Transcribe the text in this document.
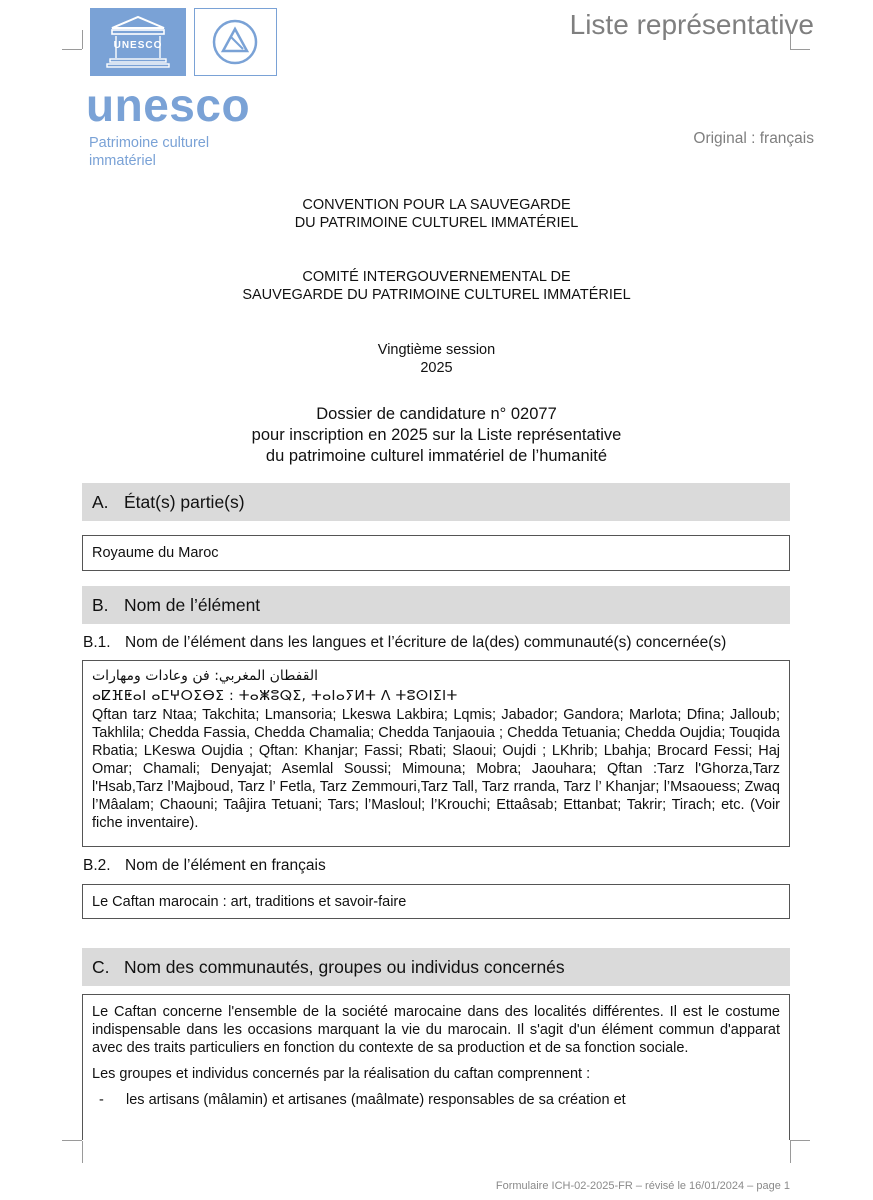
UNESCO
unesco
Patrimoine culturel
immatériel
Liste représentative
Original : français
CONVENTION POUR LA SAUVEGARDE
DU PATRIMOINE CULTUREL IMMATÉRIEL
COMITÉ INTERGOUVERNEMENTAL DE
SAUVEGARDE DU PATRIMOINE CULTUREL IMMATÉRIEL
Vingtième session
2025
Dossier de candidature n° 02077
pour inscription en 2025 sur la Liste représentative
du patrimoine culturel immatériel de l’humanité
A. État(s) partie(s)
Royaume du Maroc
B. Nom de l’élément
B.1. Nom de l’élément dans les langues et l’écriture de la(des) communauté(s) concernée(s)
القفطان المغربي: فن وعادات ومهارات
ⴰⵇⴼⵟⴰⵏ ⴰⵎⵖⵔⵉⴱⵉ : ⵜⴰⵥⵓⵕⵉ, ⵜⴰⵏⴰⵢⵍⵜ ⴷ ⵜⵓⵙⵏⵉⵏⵜ
Qftan tarz Ntaa; Takchita; Lmansoria; Lkeswa Lakbira; Lqmis; Jabador; Gandora; Marlota; Dfina; Jalloub; Takhlila; Chedda Fassia, Chedda Chamalia; Chedda Tanjaouia ; Chedda Tetuania; Chedda Oujdia; Touqida Rbatia; LKeswa Oujdia ; Qftan: Khanjar; Fassi; Rbati; Slaoui; Oujdi ; LKhrib; Lbahja; Brocard Fessi; Haj Omar; Chamali; Denyajat; Asemlal Soussi; Mimouna; Mobra; Jaouhara; Qftan :Tarz l'Ghorza,Tarz l'Hsab,Tarz l’Majboud, Tarz l’ Fetla, Tarz Zemmouri,Tarz Tall, Tarz rranda, Tarz l’ Khanjar; l’Msaouess; Zwaq l’Mâalam; Chaouni; Taâjira Tetuani; Tars; l’Masloul; l’Krouchi; Ettaâsab; Ettanbat; Takrir; Tirach; etc. (Voir fiche inventaire).
B.2. Nom de l’élément en français
Le Caftan marocain : art, traditions et savoir-faire
C. Nom des communautés, groupes ou individus concernés
Le Caftan concerne l'ensemble de la société marocaine dans des localités différentes. Il est le costume indispensable dans les occasions marquant la vie du marocain. Il s'agit d'un élément commun d'apparat avec des traits particuliers en fonction du contexte de sa production et de sa fonction sociale.
Les groupes et individus concernés par la réalisation du caftan comprennent :
-	les artisans (mâlamin) et artisanes (maâlmate) responsables de sa création et
Formulaire ICH-02-2025-FR – révisé le 16/01/2024 – page 1
